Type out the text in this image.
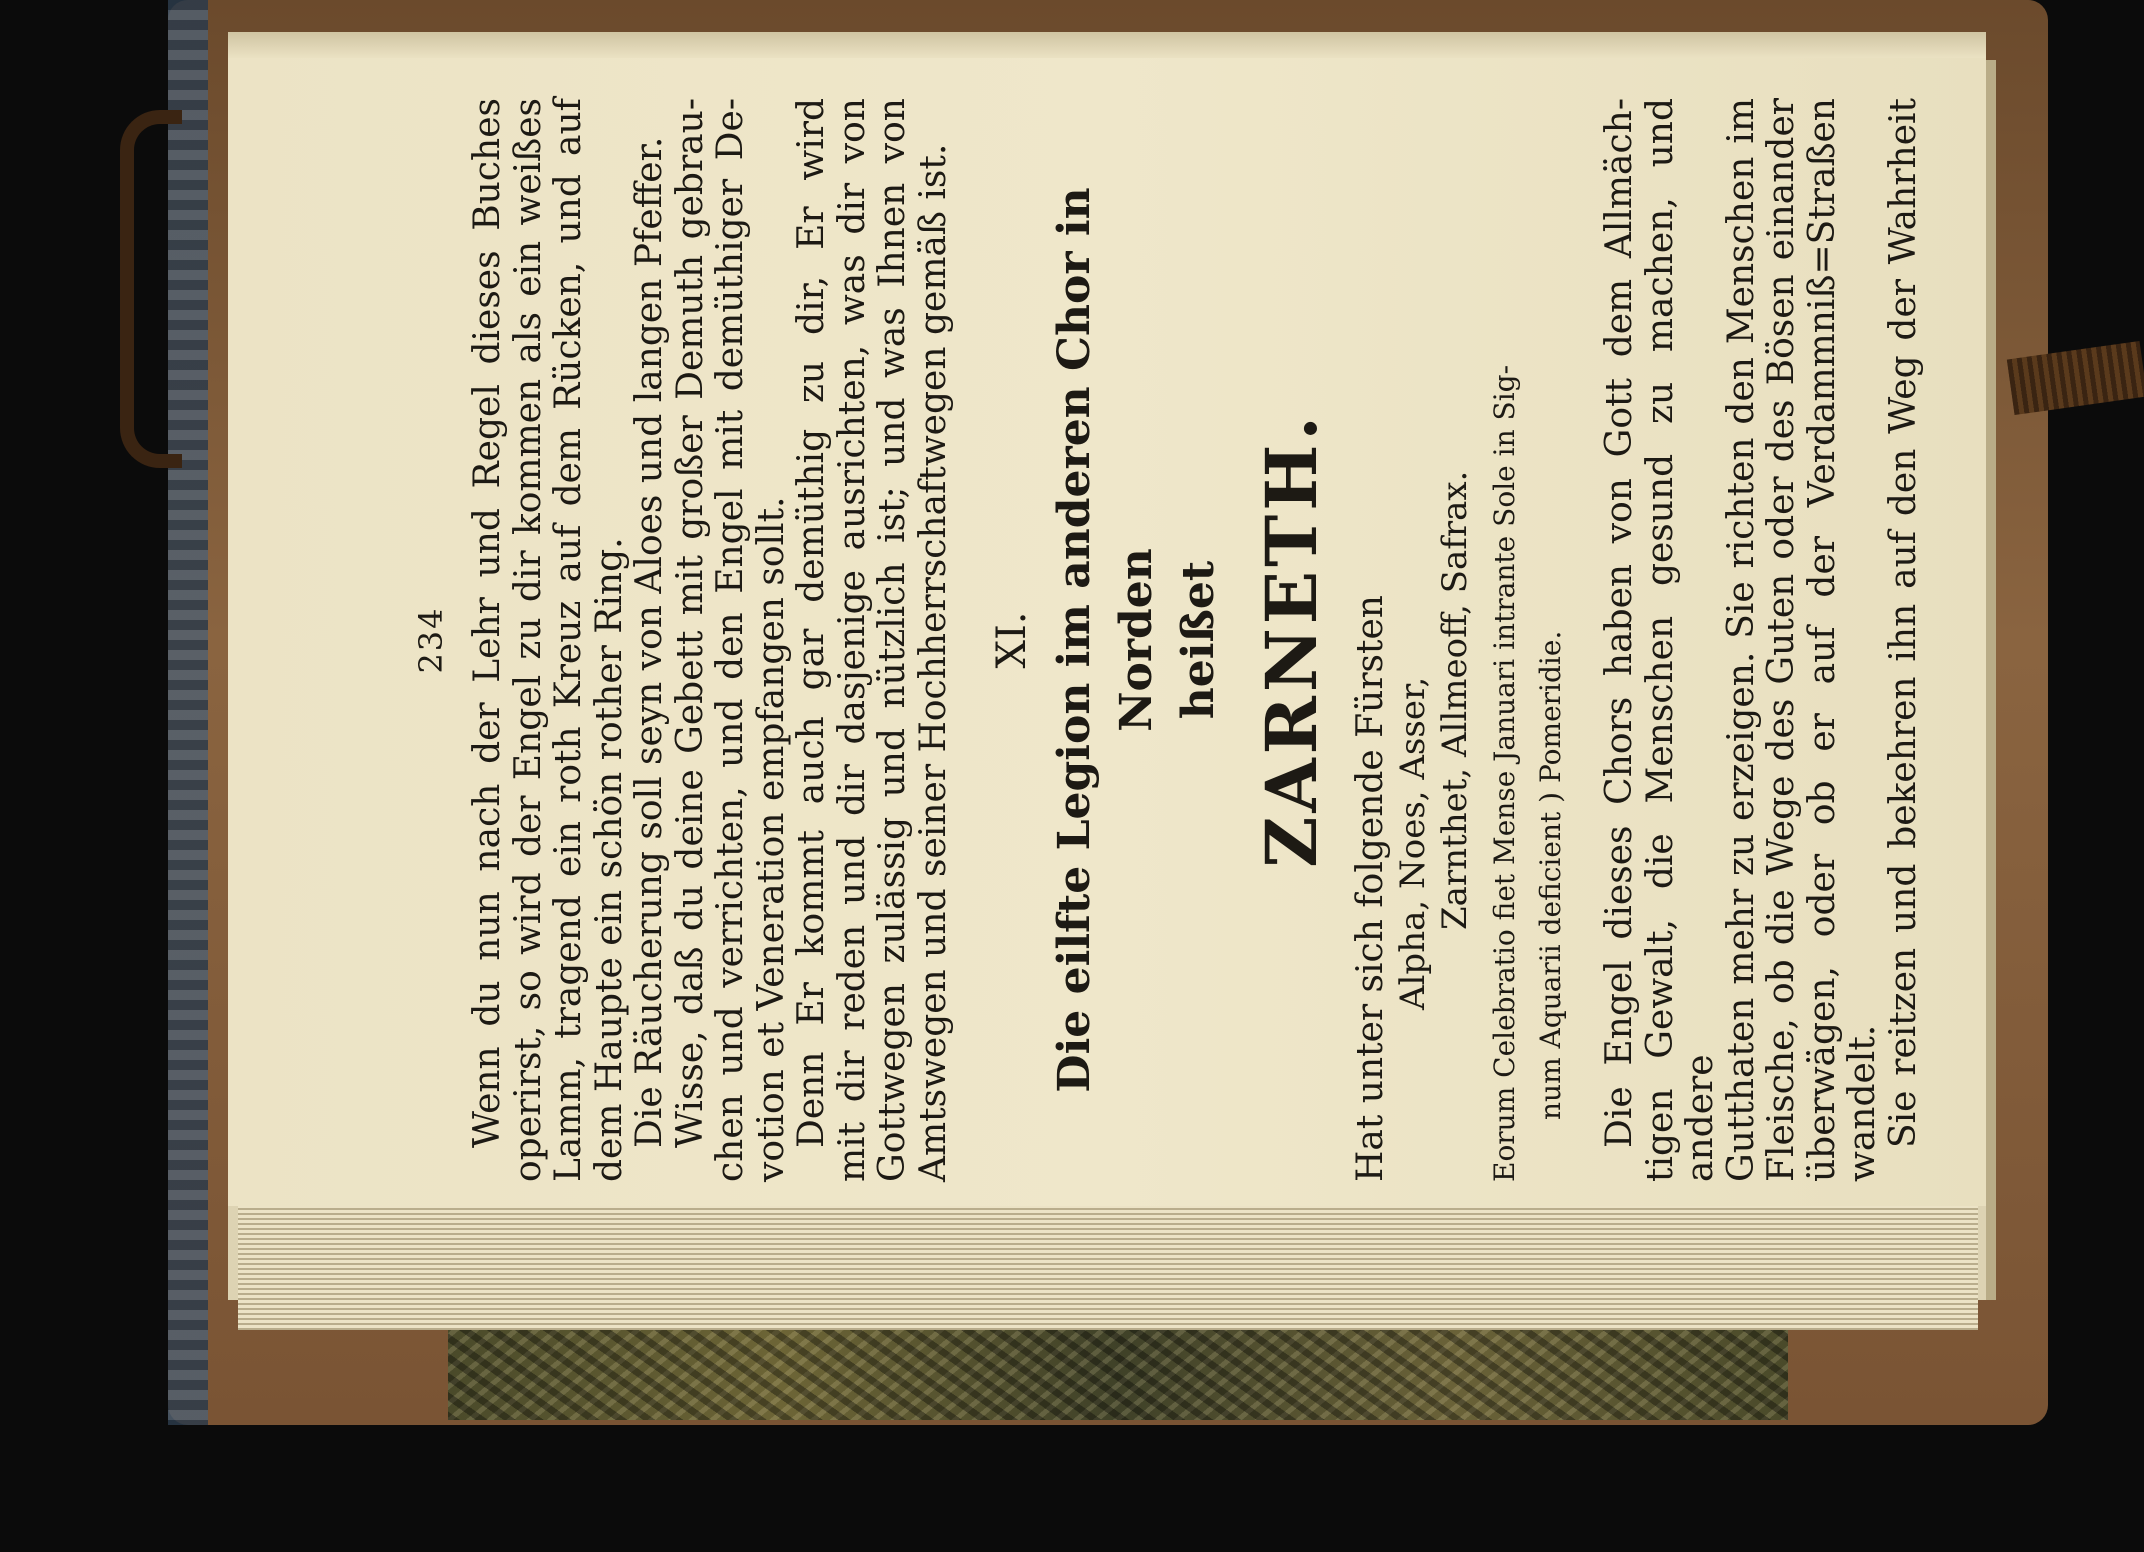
234 Wenn du nun nach der Lehr und Regel dieses Buches operirst, so wird der Engel zu dir kommen als ein weißes Lamm, tragend ein roth Kreuz auf dem Rücken, und auf dem Haupte ein schön rother Ring. Die Räucherung soll seyn von Aloes und langen Pfeffer. Wisse, daß du deine Gebett mit großer Demuth gebrau- chen und verrichten, und den Engel mit demüthiger De- votion et Veneration empfangen sollt. Denn Er kommt auch gar demüthig zu dir, Er wird mit dir reden und dir dasjenige ausrichten, was dir von Gottwegen zulässig und nützlich ist; und was Ihnen von Amtswegen und seiner Hochherrschaftwegen gemäß ist. XI. Die eilfte Legion im anderen Chor in Norden heißet ZARNETH. Hat unter sich folgende Fürsten Alpha, Noes, Asser, Zarnthet, Allmeoff, Safrax. Eorum Celebratio fiet Mense Januari intrante Sole in Sig- num Aquarii deficient ) Pomeridie. Die Engel dieses Chors haben von Gott dem Allmäch- tigen Gewalt, die Menschen gesund zu machen, und andere Gutthaten mehr zu erzeigen. Sie richten den Menschen im Fleische, ob die Wege des Guten oder des Bösen einander überwägen, oder ob er auf der Verdammniß=Straßen wandelt. Sie reitzen und bekehren ihn auf den Weg der Wahrheit
